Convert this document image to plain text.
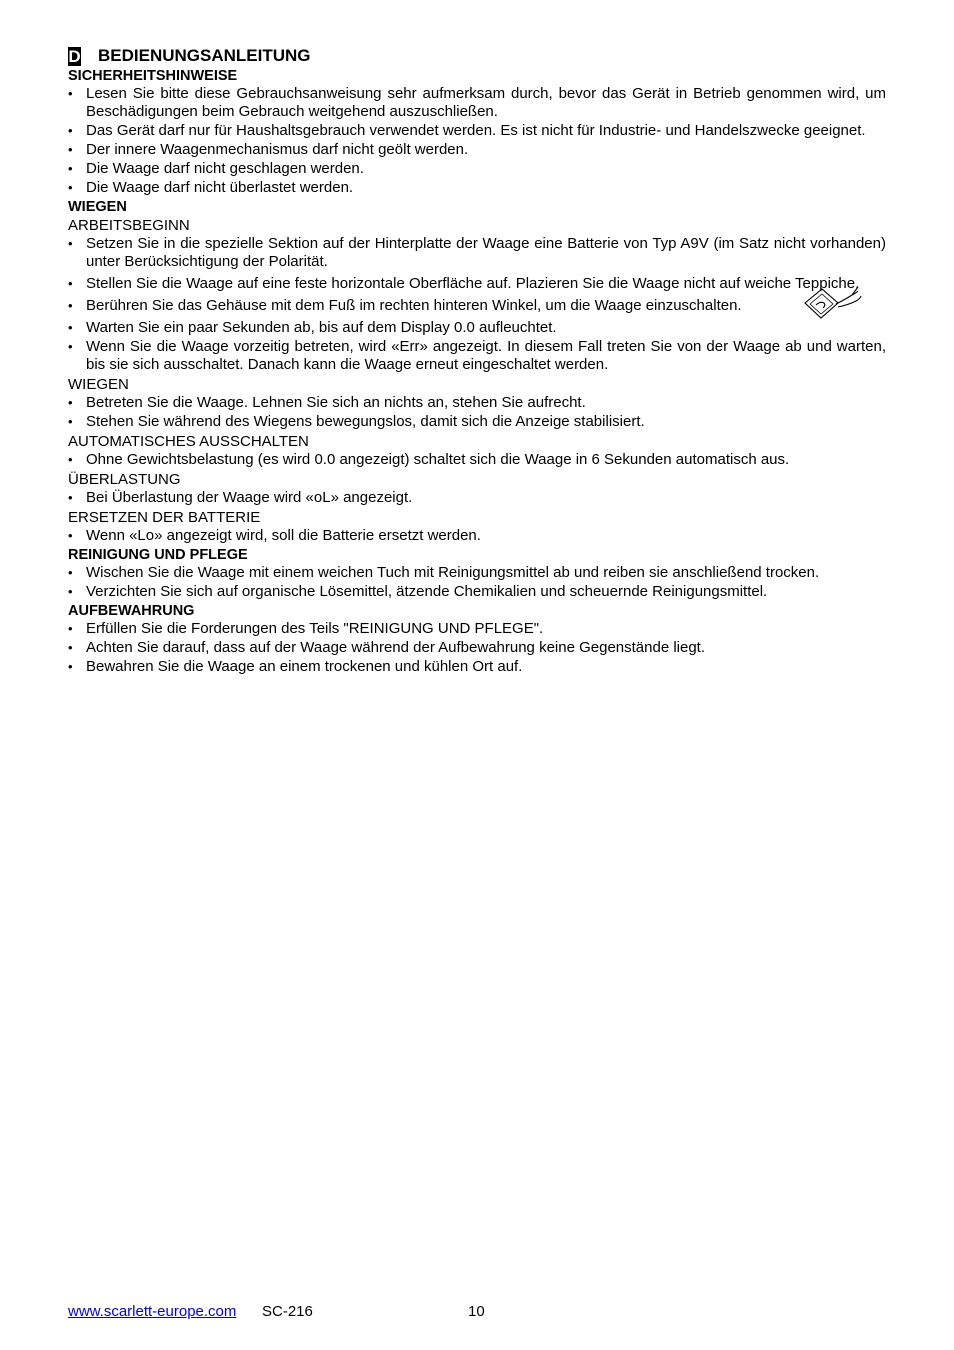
D BEDIENUNGSANLEITUNG
SICHERHEITSHINWEISE
• Lesen Sie bitte diese Gebrauchsanweisung sehr aufmerksam durch, bevor das Gerät in Betrieb genommen wird, um Beschädigungen beim Gebrauch weitgehend auszuschließen.
• Das Gerät darf nur für Haushaltsgebrauch verwendet werden. Es ist nicht für Industrie- und Handelszwecke geeignet.
• Der innere Waagenmechanismus darf nicht geölt werden.
• Die Waage darf nicht geschlagen werden.
• Die Waage darf nicht überlastet werden.
WIEGEN
ARBEITSBEGINN
• Setzen Sie in die spezielle Sektion auf der Hinterplatte der Waage eine Batterie von Typ A9V (im Satz nicht vorhanden) unter Berücksichtigung der Polarität.
• Stellen Sie die Waage auf eine feste horizontale Oberfläche auf. Plazieren Sie die Waage nicht auf weiche Teppiche.
• Berühren Sie das Gehäuse mit dem Fuß im rechten hinteren Winkel, um die Waage einzuschalten.
• Warten Sie ein paar Sekunden ab, bis auf dem Display 0.0 aufleuchtet.
• Wenn Sie die Waage vorzeitig betreten, wird «Err» angezeigt. In diesem Fall treten Sie von der Waage ab und warten, bis sie sich ausschaltet. Danach kann die Waage erneut eingeschaltet werden.
WIEGEN
• Betreten Sie die Waage. Lehnen Sie sich an nichts an, stehen Sie aufrecht.
• Stehen Sie während des Wiegens bewegungslos, damit sich die Anzeige stabilisiert.
AUTOMATISCHES AUSSCHALTEN
• Ohne Gewichtsbelastung (es wird 0.0 angezeigt) schaltet sich die Waage in 6 Sekunden automatisch aus.
ÜBERLASTUNG
• Bei Überlastung der Waage wird «oL» angezeigt.
ERSETZEN DER BATTERIE
• Wenn «Lo» angezeigt wird, soll die Batterie ersetzt werden.
REINIGUNG UND PFLEGE
• Wischen Sie die Waage mit einem weichen Tuch mit Reinigungsmittel ab und reiben sie anschließend trocken.
• Verzichten Sie sich auf organische Lösemittel, ätzende Chemikalien und scheuernde Reinigungsmittel.
AUFBEWAHRUNG
• Erfüllen Sie die Forderungen des Teils "REINIGUNG UND PFLEGE".
• Achten Sie darauf, dass auf der Waage während der Aufbewahrung keine Gegenstände liegt.
• Bewahren Sie die Waage an einem trockenen und kühlen Ort auf.
www.scarlett-europe.com SC-216	10
